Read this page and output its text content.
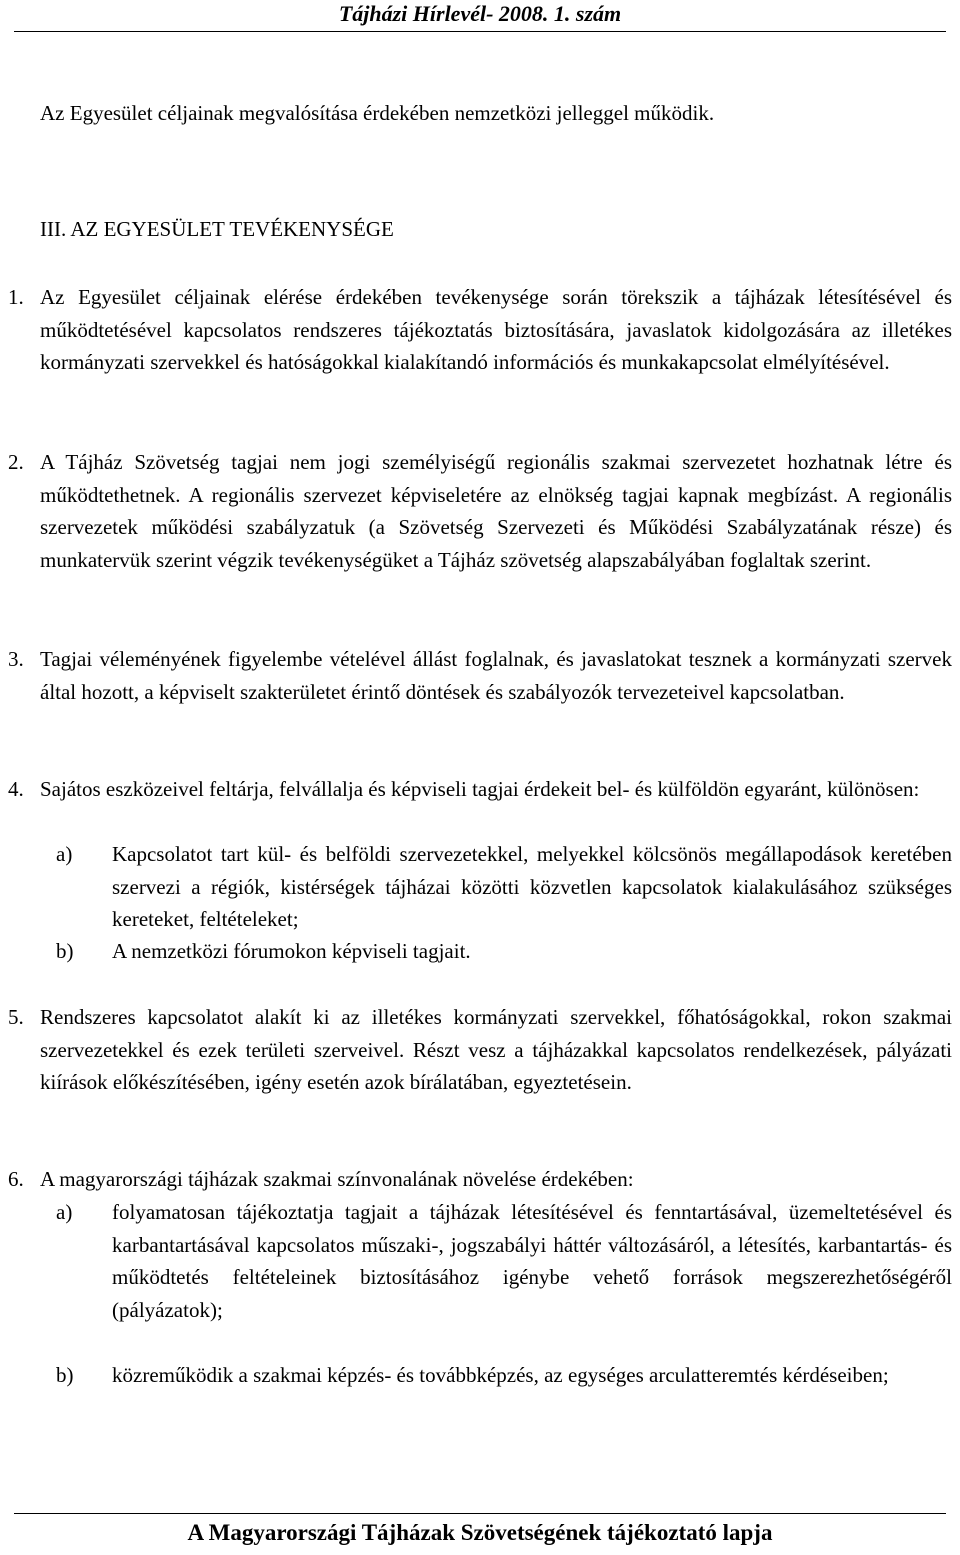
Tájházi Hírlevél- 2008. 1. szám
Az Egyesület céljainak megvalósítása érdekében nemzetközi jelleggel működik.
III. AZ EGYESÜLET TEVÉKENYSÉGE
1. Az Egyesület céljainak elérése érdekében tevékenysége során törekszik a tájházak létesítésével és működtetésével kapcsolatos rendszeres tájékoztatás biztosítására, javaslatok kidolgozására az illetékes kormányzati szervekkel és hatóságokkal kialakítandó információs és munkakapcsolat elmélyítésével.
2. A Tájház Szövetség tagjai nem jogi személyiségű regionális szakmai szervezetet hozhatnak létre és működtethetnek. A regionális szervezet képviseletére az elnökség tagjai kapnak megbízást. A regionális szervezetek működési szabályzatuk (a Szövetség Szervezeti és Működési Szabályzatának része) és munkatervük szerint végzik tevékenységüket a Tájház szövetség alapszabályában foglaltak szerint.
3. Tagjai véleményének figyelembe vételével állást foglalnak, és javaslatokat tesznek a kormányzati szervek által hozott, a képviselt szakterületet érintő döntések és szabályozók tervezeteivel kapcsolatban.
4. Sajátos eszközeivel feltárja, felvállalja és képviseli tagjai érdekeit bel- és külföldön egyaránt, különösen:
a)	Kapcsolatot tart kül- és belföldi szervezetekkel, melyekkel kölcsönös megállapodások keretében szervezi a régiók, kistérségek tájházai közötti közvetlen kapcsolatok kialakulásához szükséges kereteket, feltételeket;
b)	A nemzetközi fórumokon képviseli tagjait.
5. Rendszeres kapcsolatot alakít ki az illetékes kormányzati szervekkel, főhatóságokkal, rokon szakmai szervezetekkel és ezek területi szerveivel. Részt vesz a tájházakkal kapcsolatos rendelkezések, pályázati kiírások előkészítésében, igény esetén azok bírálatában, egyeztetésein.
6. A magyarországi tájházak szakmai színvonalának növelése érdekében:
a)	folyamatosan tájékoztatja tagjait a tájházak létesítésével és fenntartásával, üzemeltetésével és karbantartásával kapcsolatos műszaki-, jogszabályi háttér változásáról, a létesítés, karbantartás- és működtetés feltételeinek biztosításához igénybe vehető források megszerezhetőségéről (pályázatok);
b)	közreműködik a szakmai képzés- és továbbképzés, az egységes arculatteremtés kérdéseiben;
A Magyarországi Tájházak Szövetségének tájékoztató lapja
